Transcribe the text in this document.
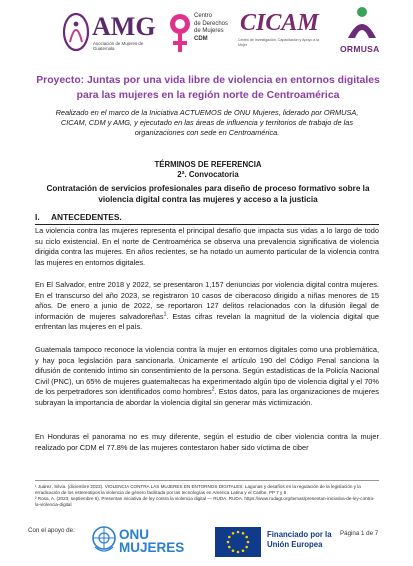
AMG
Asociación de Mujeres de Guatemala
Centro
de Derechos
de Mujeres
CDM
CICAM
Centro de Investigación, Capacitación y Apoyo a la Mujer	ORMUSA

Proyecto: Juntas por una vida libre de violencia en entornos digitales para las mujeres en la región norte de Centroamérica

Realizado en el marco de la Iniciativa ACTUEMOS de ONU Mujeres, liderado por ORMUSA, CICAM, CDM y AMG, y ejecutado en las áreas de influencia y territorios de trabajo de las organizaciones con sede en Centroamérica.

TÉRMINOS DE REFERENCIA

2ª. Convocatoria

Contratación de servicios profesionales para diseño de proceso formativo sobre la violencia digital contra las mujeres y acceso a la justicia

I. ANTECEDENTES.

La violencia contra las mujeres representa el principal desafío que impacta sus vidas a lo largo de todo su ciclo existencial. En el norte de Centroamérica se observa una prevalencia significativa de violencia dirigida contra las mujeres. En años recientes, se ha notado un aumento particular de la violencia contra las mujeres en entornos digitales.

En El Salvador, entre 2018 y 2022, se presentaron 1,157 denuncias por violencia digital contra mujeres. En el transcurso del año 2023, se registraron 10 casos de ciberacoso dirigido a niñas menores de 15 años. De enero a junio de 2022, se reportaron 127 delitos relacionados con la difusión ilegal de información de mujeres salvadoreñas$^1$. Estas cifras revelan la magnitud de la violencia digital que enfrentan las mujeres en el país.

Guatemala tampoco reconoce la violencia contra la mujer en entornos digitales como una problemática, y hay poca legislación para sancionarla. Únicamente el artículo 190 del Código Penal sanciona la difusión de contenido íntimo sin consentimiento de la persona. Según estadísticas de la Policía Nacional Civil (PNC), un 65% de mujeres guatemaltecas ha experimentado algún tipo de violencia digital y el 70% de los perpetradores son identificados como hombres$^2$. Estos datos, para las organizaciones de mujeres subrayan la importancia de abordar la violencia digital sin generar más victimización.

En Honduras el panorama no es muy diferente, según el estudio de ciber violencia contra la mujer realizado por CDM el 77.8% de las mujeres contestaron haber sido víctima de ciber

¹ Juárez, Silvia. (diciembre 2023). VIOLENCIA CONTRA LAS MUJERES EN ENTORNOS DIGITALES: Lagunas y desafíos en la regulación de la legislación y la erradicación de los estereotipos la violencia de género facilitada por las tecnologías en América Latina y el Caribe, PP 7 y 8

² Rosa, A. (2023, septiembre 6). Presentan iniciativa de ley contra la violencia digital — RUDA. RUDA. https://www.rudagt.org/temas/presentan-iniciativa-de-ley-contra-la-violencia-digital

Con el apoyo de:	ONU
MUJERES
Financiado por la Unión Europea
Página 1 de 7
